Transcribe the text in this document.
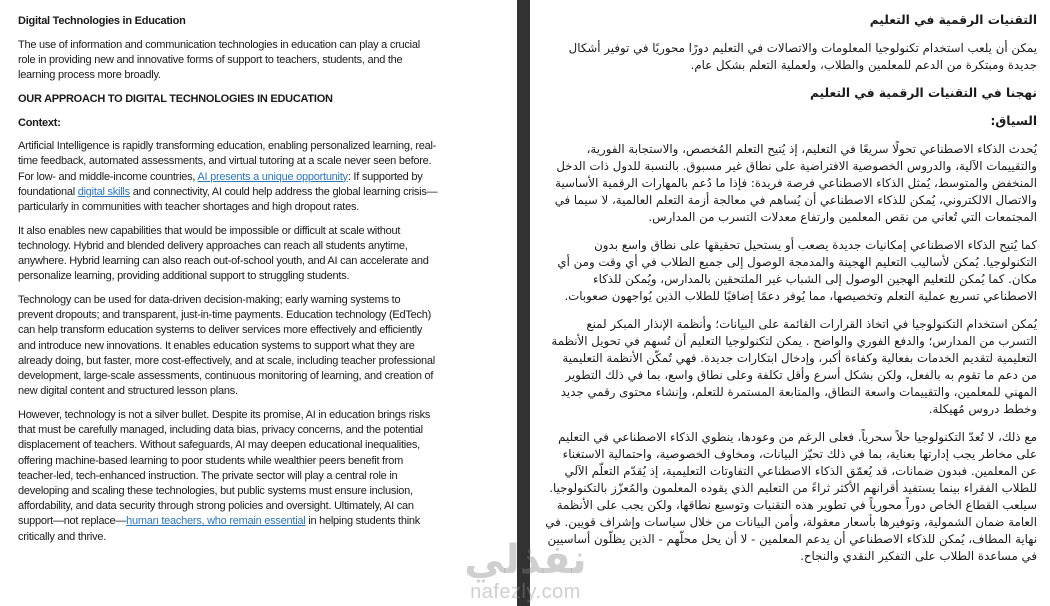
Digital Technologies in Education

The use of information and communication technologies in education can play a crucial role in providing new and innovative forms of support to teachers, students, and the learning process more broadly.

OUR APPROACH TO DIGITAL TECHNOLOGIES IN EDUCATION

Context:

Artificial Intelligence is rapidly transforming education, enabling personalized learning, real-time feedback, automated assessments, and virtual tutoring at a scale never seen before. For low- and middle-income countries, AI presents a unique opportunity: If supported by foundational digital skills and connectivity, AI could help address the global learning crisis—particularly in communities with teacher shortages and high dropout rates.

It also enables new capabilities that would be impossible or difficult at scale without technology. Hybrid and blended delivery approaches can reach all students anytime, anywhere. Hybrid learning can also reach out-of-school youth, and AI can accelerate and personalize learning, providing additional support to struggling students.

Technology can be used for data-driven decision-making; early warning systems to prevent dropouts; and transparent, just-in-time payments. Education technology (EdTech) can help transform education systems to deliver services more effectively and efficiently and introduce new innovations. It enables education systems to support what they are already doing, but faster, more cost-effectively, and at scale, including teacher professional development, large-scale assessments, continuous monitoring of learning, and creation of new digital content and structured lesson plans.

However, technology is not a silver bullet. Despite its promise, AI in education brings risks that must be carefully managed, including data bias, privacy concerns, and the potential displacement of teachers. Without safeguards, AI may deepen educational inequalities, offering machine-based learning to poor students while wealthier peers benefit from teacher-led, tech-enhanced instruction. The private sector will play a central role in developing and scaling these technologies, but public systems must ensure inclusion, affordability, and data security through strong policies and oversight. Ultimately, AI can support—not replace—human teachers, who remain essential in helping students think critically and thrive.

التقنيات الرقمية في التعليم

يمكن أن يلعب استخدام تكنولوجيا المعلومات والاتصالات في التعليم دورًا محوريًا في توفير أشكال جديدة ومبتكرة من الدعم للمعلمين والطلاب، ولعملية التعلم بشكل عام.

نهجنا في التقنيات الرقمية في التعليم

السياق:

يُحدث الذكاء الاصطناعي تحولًا سريعًا في التعليم، إذ يُتيح التعلم المُخصص، والاستجابة الفورية، والتقييمات الآلية، والدروس الخصوصية الافتراضية على نطاق غير مسبوق. بالنسبة للدول ذات الدخل المنخفض والمتوسط، يُمثل الذكاء الاصطناعي فرصة فريدة: فإذا ما دُعم بالمهارات الرقمية الأساسية والاتصال الالكتروني، يُمكن للذكاء الاصطناعي أن يُساهم في معالجة أزمة التعلم العالمية، لا سيما في المجتمعات التي تُعاني من نقص المعلمين وارتفاع معدلات التسرب من المدارس.

كما يُتيح الذكاء الاصطناعي إمكانيات جديدة يصعب أو يستحيل تحقيقها على نطاق واسع بدون التكنولوجيا. يُمكن لأساليب التعليم الهجينة والمدمجة الوصول إلى جميع الطلاب في أي وقت ومن أي مكان. كما يُمكن للتعليم الهجين الوصول إلى الشباب غير الملتحقين بالمدارس، ويُمكن للذكاء الاصطناعي تسريع عملية التعلم وتخصيصها، مما يُوفر دعمًا إضافيًا للطلاب الذين يُواجهون صعوبات.

يُمكن استخدام التكنولوجيا في اتخاذ القرارات القائمة على البيانات؛ وأنظمة الإنذار المبكر لمنع التسرب من المدارس؛ والدفع الفوري والواضح . يمكن لتكنولوجيا التعليم أن تُسهم في تحويل الأنظمة التعليمية لتقديم الخدمات بفعالية وكفاءة أكبر، وإدخال ابتكارات جديدة. فهي تُمكّن الأنظمة التعليمية من دعم ما تقوم به بالفعل، ولكن بشكل أسرع وأقل تكلفة وعلى نطاق واسع، بما في ذلك التطوير المهني للمعلمين، والتقييمات واسعة النطاق، والمتابعة المستمرة للتعلم، وإنشاء محتوى رقمي جديد وخطط دروس مُهيكلة.

مع ذلك، لا تُعدّ التكنولوجيا حلاً سحرياً. فعلى الرغم من وعودها، ينطوي الذكاء الاصطناعي في التعليم على مخاطر يجب إدارتها بعناية، بما في ذلك تحيّز البيانات، ومخاوف الخصوصية، واحتمالية الاستغناء عن المعلمين. فبدون ضمانات، قد يُعمّق الذكاء الاصطناعي التفاوتات التعليمية، إذ يُقدّم التعلّم الآلي للطلاب الفقراء بينما يستفيد أقرانهم الأكثر ثراءً من التعليم الذي يقوده المعلمون والمُعزّز بالتكنولوجيا. سيلعب القطاع الخاص دوراً محورياً في تطوير هذه التقنيات وتوسيع نطاقها، ولكن يجب على الأنظمة العامة ضمان الشمولية، وتوفيرها بأسعار معقولة، وأمن البيانات من خلال سياسات وإشراف قويين. في نهاية المطاف، يُمكن للذكاء الاصطناعي أن يدعم المعلمين - لا أن يحل محلّهم - الذين يظلّون أساسيين في مساعدة الطلاب على التفكير النقدي والنجاح.

نفذلي
nafezly.com
